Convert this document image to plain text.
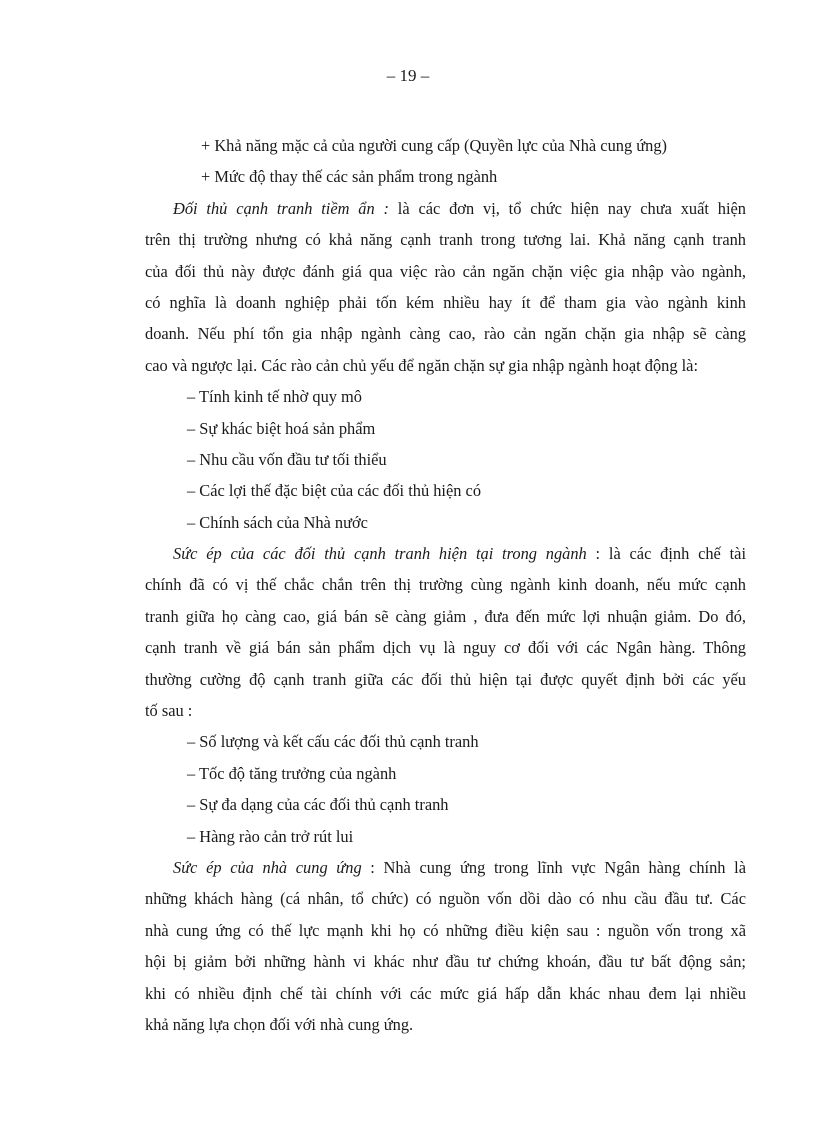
– 19 –
+ Khả năng mặc cả của người cung cấp (Quyền lực của Nhà cung ứng)
+ Mức độ thay thế các sản phẩm trong ngành
Đối thủ cạnh tranh tiềm ẩn : là các đơn vị, tổ chức hiện nay chưa xuất hiện
trên thị trường nhưng có khả năng cạnh tranh trong tương lai. Khả năng cạnh tranh
của đối thủ này được đánh giá qua việc rào cản ngăn chặn việc gia nhập vào ngành,
có nghĩa là doanh nghiệp phải tốn kém nhiều hay ít để tham gia vào ngành kinh
doanh. Nếu phí tổn gia nhập ngành càng cao, rào cản ngăn chặn gia nhập sẽ càng
cao và ngược lại. Các rào cản chủ yếu để ngăn chặn sự gia nhập ngành hoạt động là:
– Tính kinh tế nhờ quy mô
– Sự khác biệt hoá sản phẩm
– Nhu cầu vốn đầu tư tối thiểu
– Các lợi thế đặc biệt của các đối thủ hiện có
– Chính sách của Nhà nước
Sức ép của các đối thủ cạnh tranh hiện tại trong ngành : là các định chế tài
chính đã có vị thế chắc chắn trên thị trường cùng ngành kinh doanh, nếu mức cạnh
tranh giữa họ càng cao, giá bán sẽ càng giảm , đưa đến mức lợi nhuận giảm. Do đó,
cạnh tranh về giá bán sản phẩm dịch vụ là nguy cơ đối với các Ngân hàng. Thông
thường cường độ cạnh tranh giữa các đối thủ hiện tại được quyết định bởi các yếu
tố sau :
– Số lượng và kết cấu các đối thủ cạnh tranh
– Tốc độ tăng trưởng của ngành
– Sự đa dạng của các đối thủ cạnh tranh
– Hàng rào cản trở rút lui
Sức ép của nhà cung ứng : Nhà cung ứng trong lĩnh vực Ngân hàng chính là
những khách hàng (cá nhân, tổ chức) có nguồn vốn dồi dào có nhu cầu đầu tư. Các
nhà cung ứng có thế lực mạnh khi họ có những điều kiện sau : nguồn vốn trong xã
hội bị giảm bởi những hành vi khác như đầu tư chứng khoán, đầu tư bất động sản;
khi có nhiều định chế tài chính với các mức giá hấp dẫn khác nhau đem lại nhiều
khả năng lựa chọn đối với nhà cung ứng.
